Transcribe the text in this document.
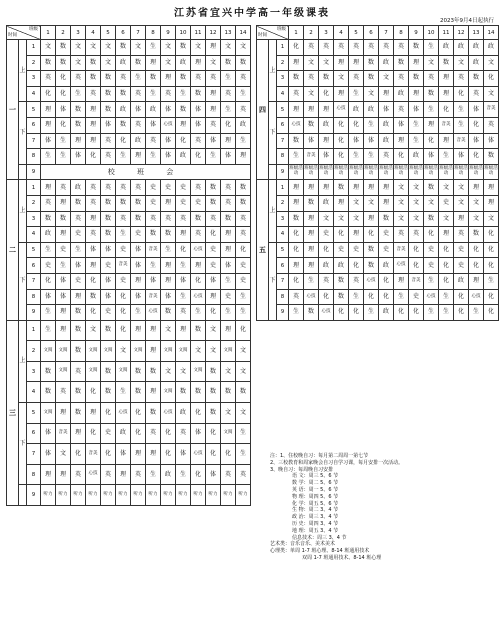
江苏省宜兴中学高一年级课表
2023年9月4日起执行
班级
时间			1	2	3	4	5	6	7	8	9	10	11	12	13	14
一	上	1	文	数	文	文	文	数	文	生	文	数	文	理	文	文
		2	数	数	文	数	文	政	数	理	文	政	理	文	数	数
		3	英	化	英	数	数	英	生	数	理	数	英	英	生	英
		4	化	化	生	英	数	数	英	生	英	生	数	理	英	生
	下	5	理	体	数	理	数	政	体	政	体	数	体	理	生	英
		6	理	化	数	理	体	数	英	体	心技	理	体	英	化	政
		7	体	生	理	理	英	化	政	英	体	化	英	体	理	生
		8	生	生	体	化	英	生	理	生	体	政	化	生	体	理
		9	校 班 会													
二	上	1	理	英	政	英	英	英	英	史	史	史	英	数	英	数
		2	英	理	数	英	数	数	数	史	理	史	史	数	英	数
		3	数	数	英	理	数	英	数	英	英	英	数	英	数	英
		4	政	理	史	英	数	生	史	数	数	理	英	化	理	英
	下	5	生	史	生	体	体	史	体	音美	生	化	心技	史	理	化
		6	史	生	体	理	史	音美	体	生	理	生	理	史	体	史
		7	化	体	史	化	体	史	理	体	理	体	化	体	生	史
		8	体	体	理	数	体	化	体	音美	体	生	心技	理	史	生
		9	生	理	数	化	史	化	生	心技	数	英	生	化	生	生
三	上	1	生	理	数	文	数	化	理	理	文	理	数	文	理	化
		2	文阅	文阅	数	文阅	文阅	文	文阅	理	文阅	文阅	文	文	文阅	文
		3	数	文阅	英	文阅	数	文阅	数	数	文	文	文阅	数	文	文
		4	数	英	数	化	数	生	数	理	文阅	数	数	数	数	数
	下	5	文阅	理	数	理	化	心技	化	数	心技	政	化	数	文	文
		6	体	音美	理	化	史	政	化	英	化	英	体	化	文阅	生
		7	体	文	化	音美	化	体	理	理	化	体	心技	化	化	生
		8	理	理	英	心技	英	理	英	生	政	生	化	体	英	英
		9	听力	听力	听力	听力	听力	听力	听力	听力	听力	听力	听力	听力	听力	听力
班级
时间			1	2	3	4	5	6	7	8	9	10	11	12	13	14
四	上	1	化	英	英	英	英	英	英	英	数	生	政	政	政	政
		2	理	文	文	理	理	数	政	数	理	文	数	文	政	文
		3	数	英	数	文	英	数	文	英	数	英	理	英	数	化
		4	英	文	化	理	生	文	理	政	理	数	理	化	英	文
	下	5	理	理	理	心技	政	政	体	英	体	生	化	生	体	音美
		6	心技	数	政	化	化	生	政	体	生	理	音美	生	化	英
		7	数	体	理	化	体	体	政	理	生	化	理	音美	体	体
		8	生	音美	体	化	生	生	英	化	政	体	生	体	化	数
		9	班级活动	班级活动	班级活动	班级活动	班级活动	班级活动	班级活动	班级活动	班级活动	班级活动	班级活动	班级活动	班级活动	班级活动
五	上	1	理	理	理	数	理	理	理	文	文	数	文	文	理	理
		2	理	数	政	理	文	文	理	文	文	文	史	文	文	理
		3	数	理	文	文	文	理	数	文	文	数	文	理	文	文
		4	化	理	史	化	理	化	史	英	英	化	理	英	数	化
	下	5	化	理	化	史	史	数	史	音美	化	史	化	史	化	化
		6	理	理	政	政	化	数	政	心技	化	史	化	史	化	化
		7	化	生	英	数	英	心技	化	理	音美	生	化	政	理	生
		8	英	心技	化	数	生	化	化	生	史	心技	生	化	心技	化
		9	生	数	心技	化	化	生	政	化	化	生	生	化	生	化
注：1、住校晚自习：每月第二周周一第七节
2、三校教育和周家晚会自习自学习课，每月安排一次活动。
3、晚自习：每周晚自习安排
语 文：周三 5、6 节
数 学：周二 5、6 节
英 语：周一 5、6 节
物 理：周四 5、6 节
化 学：周五 5、6 节
生 物：周二 3、4 节
政 治：周三 3、4 节
历 史：周四 3、4 节
地 理：周五 3、4 节
信息技术：周三 3、4 节
艺术类：音乐音乐、美术美术
心理类：单周 1-7 班心理、8-14 班通用技术
双周 1-7 班通用技术、8-14 班心理
